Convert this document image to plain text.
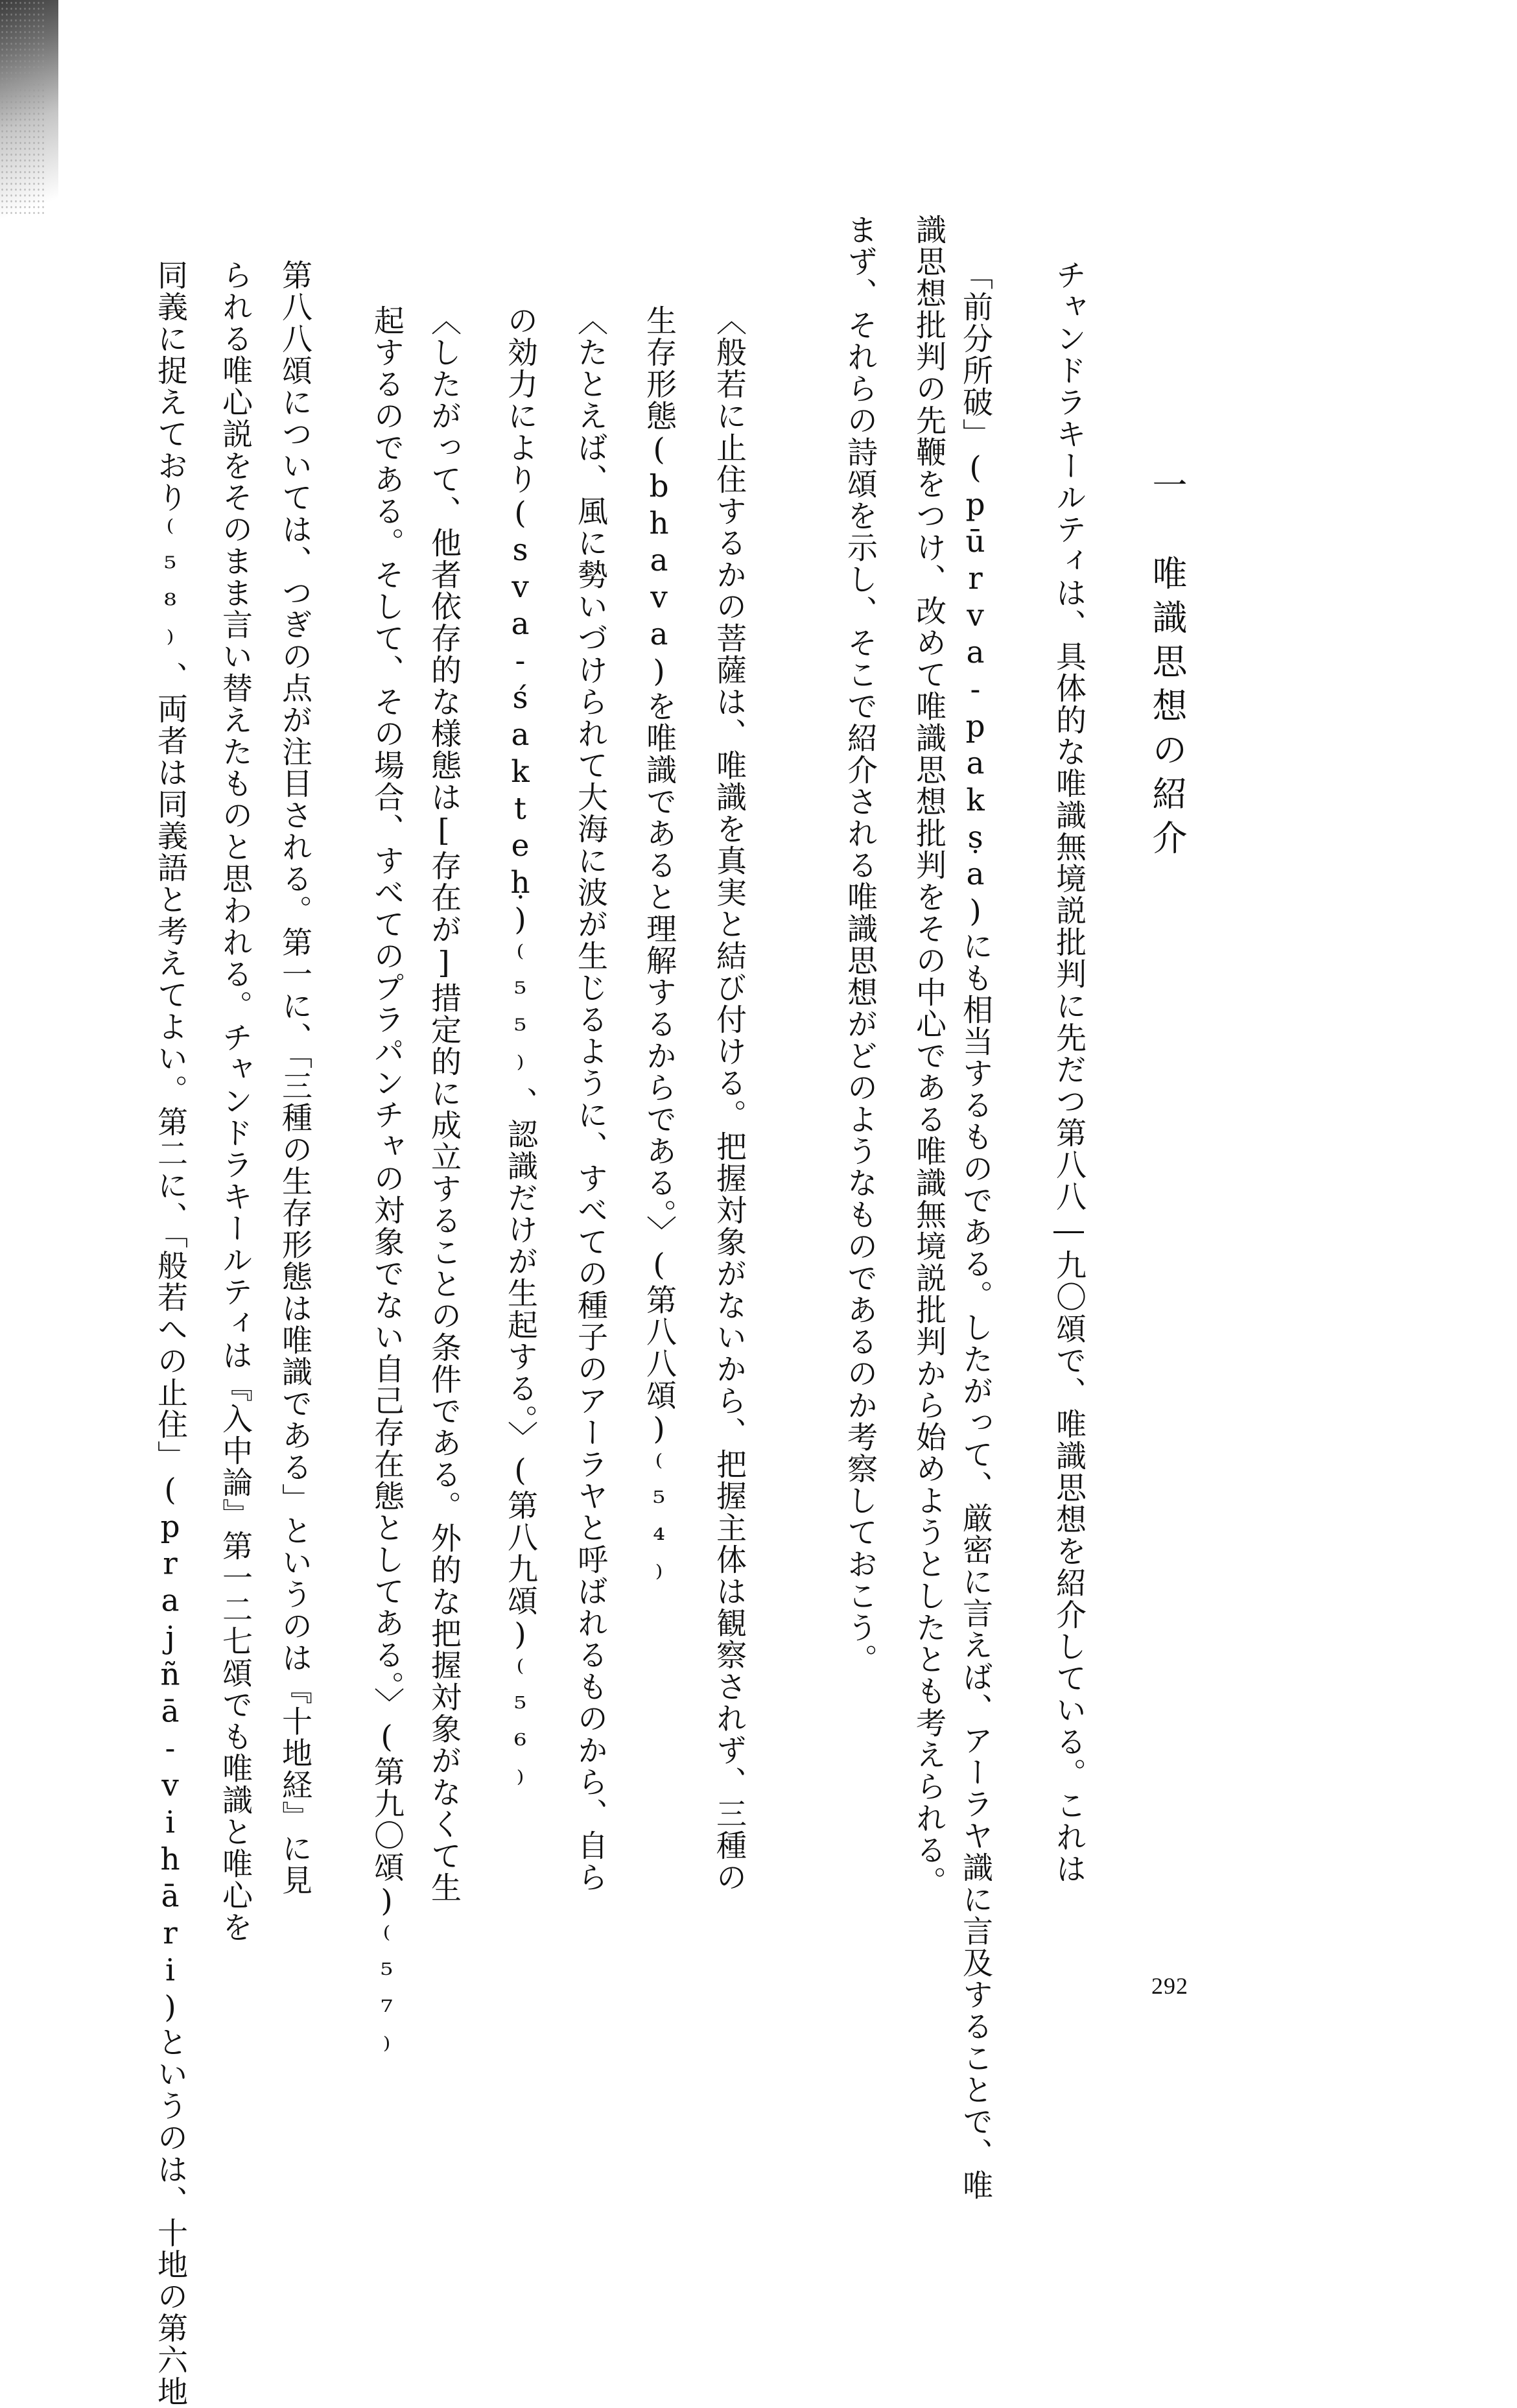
一　唯識思想の紹介
チャンドラキールティは、具体的な唯識無境説批判に先だつ第八八―九〇頌で、唯識思想を紹介している。これは
「前分所破」(pūrva-pakṣa)にも相当するものである。したがって、厳密に言えば、アーラヤ識に言及することで、唯
識思想批判の先鞭をつけ、改めて唯識思想批判をその中心である唯識無境説批判から始めようとしたとも考えられる。
まず、それらの詩頌を示し、そこで紹介される唯識思想がどのようなものであるのか考察しておこう。
〈般若に止住するかの菩薩は、唯識を真実と結び付ける。把握対象がないから、把握主体は観察されず、三種の
生存形態(bhava)を唯識であると理解するからである。〉(第八八頌)⁽⁵⁴⁾
〈たとえば、風に勢いづけられて大海に波が生じるように、すべての種子のアーラヤと呼ばれるものから、自ら
の効力により(sva-śakteḥ)⁽⁵⁵⁾、認識だけが生起する。〉(第八九頌)⁽⁵⁶⁾
〈したがって、他者依存的な様態は[存在が]措定的に成立することの条件である。外的な把握対象がなくて生
起するのである。そして、その場合、すべてのプラパンチャの対象でない自己存在態としてある。〉(第九〇頌)⁽⁵⁷⁾
第八八頌については、つぎの点が注目される。第一に、「三種の生存形態は唯識である」というのは『十地経』に見
られる唯心説をそのまま言い替えたものと思われる。チャンドラキールティは『入中論』第一二七頌でも唯識と唯心を
同義に捉えており⁽⁵⁸⁾、両者は同義語と考えてよい。第二に、「般若への止住」(prajñā-vihāri)というのは、十地の第六地	292
